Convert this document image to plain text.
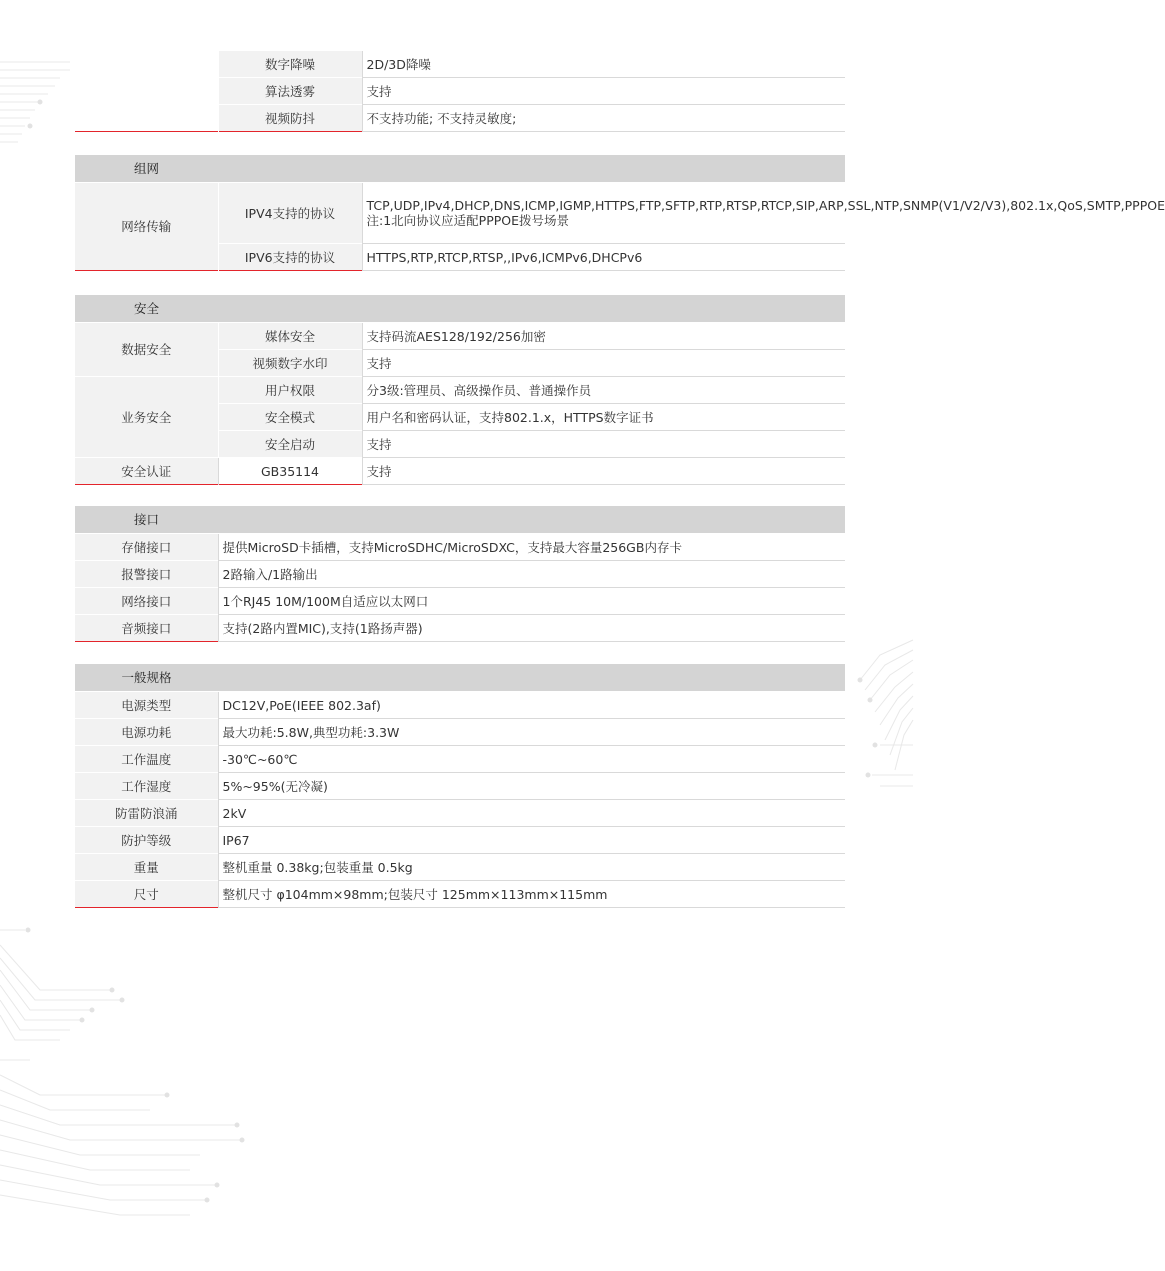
	数字降噪	2D/3D降噪
	算法透雾	支持
	视频防抖	不支持功能; 不支持灵敏度;
组网		
网络传输	IPV4支持的协议	TCP,UDP,IPv4,DHCP,DNS,ICMP,IGMP,HTTPS,FTP,SFTP,RTP,RTSP,RTCP,SIP,ARP,SSL,NTP,SNMP(V1/V2/V3),802.1x,QoS,SMTP,PPPOE 注:1北向协议应适配PPPOE拨号场景
	IPV6支持的协议	HTTPS,RTP,RTCP,RTSP,,IPv6,ICMPv6,DHCPv6
安全		
数据安全	媒体安全	支持码流AES128/192/256加密
	视频数字水印	支持
业务安全	用户权限	分3级:管理员、高级操作员、普通操作员
	安全模式	用户名和密码认证，支持802.1.x，HTTPS数字证书
	安全启动	支持
安全认证	GB35114	支持
接口	
存储接口	提供MicroSD卡插槽，支持MicroSDHC/MicroSDXC，支持最大容量256GB内存卡
报警接口	2路输入/1路输出
网络接口	1个RJ45 10M/100M自适应以太网口
音频接口	支持(2路内置MIC),支持(1路扬声器)
一般规格	
电源类型	DC12V,PoE(IEEE 802.3af)
电源功耗	最大功耗:5.8W,典型功耗:3.3W
工作温度	-30℃~60℃
工作湿度	5%~95%(无冷凝)
防雷防浪涌	2kV
防护等级	IP67
重量	整机重量 0.38kg;包装重量 0.5kg
尺寸	整机尺寸 φ104mm×98mm;包装尺寸 125mm×113mm×115mm
